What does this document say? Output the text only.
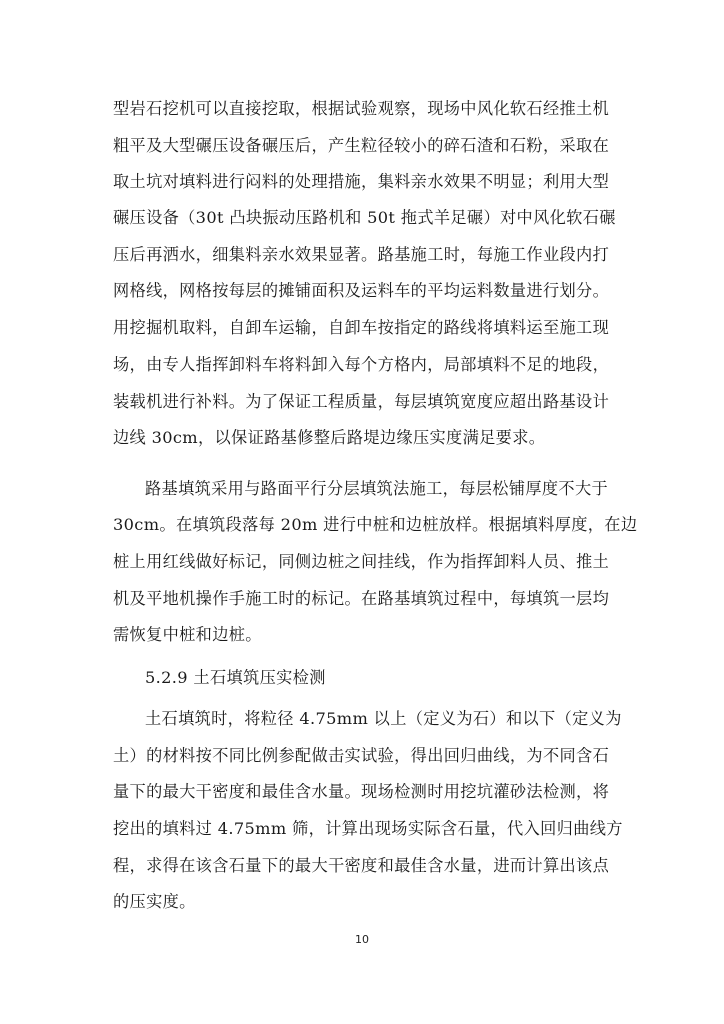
型岩石挖机可以直接挖取，根据试验观察，现场中风化软石经推土机
粗平及大型碾压设备碾压后，产生粒径较小的碎石渣和石粉，采取在
取土坑对填料进行闷料的处理措施，集料亲水效果不明显；利用大型
碾压设备（30t 凸块振动压路机和 50t 拖式羊足碾）对中风化软石碾
压后再洒水，细集料亲水效果显著。路基施工时，每施工作业段内打
网格线，网格按每层的摊铺面积及运料车的平均运料数量进行划分。
用挖掘机取料，自卸车运输，自卸车按指定的路线将填料运至施工现
场，由专人指挥卸料车将料卸入每个方格内，局部填料不足的地段，
装载机进行补料。为了保证工程质量，每层填筑宽度应超出路基设计
边线 30cm，以保证路基修整后路堤边缘压实度满足要求。
路基填筑采用与路面平行分层填筑法施工，每层松铺厚度不大于
30cm。在填筑段落每 20m 进行中桩和边桩放样。根据填料厚度，在边
桩上用红线做好标记，同侧边桩之间挂线，作为指挥卸料人员、推土
机及平地机操作手施工时的标记。在路基填筑过程中，每填筑一层均
需恢复中桩和边桩。
5.2.9 土石填筑压实检测
土石填筑时，将粒径 4.75mm 以上（定义为石）和以下（定义为
土）的材料按不同比例参配做击实试验，得出回归曲线，为不同含石
量下的最大干密度和最佳含水量。现场检测时用挖坑灌砂法检测，将
挖出的填料过 4.75mm 筛，计算出现场实际含石量，代入回归曲线方
程，求得在该含石量下的最大干密度和最佳含水量，进而计算出该点
的压实度。
10
